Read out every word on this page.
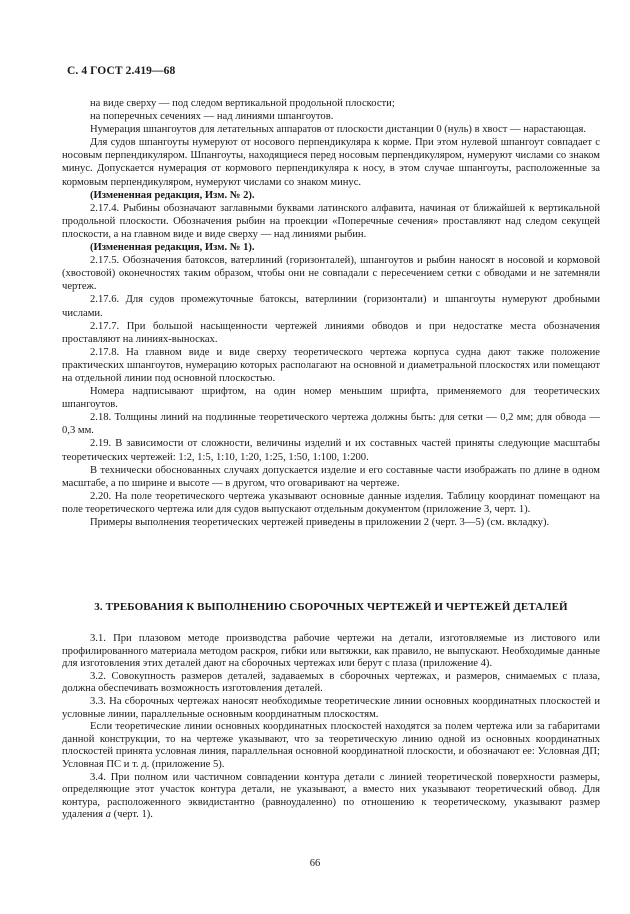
С. 4 ГОСТ 2.419—68

на виде сверху — под следом вертикальной продольной плоскости;

на поперечных сечениях — над линиями шпангоутов.

Нумерация шпангоутов для летательных аппаратов от плоскости дистанции 0 (нуль) в хвост — нарастающая.

Для судов шпангоуты нумеруют от носового перпендикуляра к корме. При этом нулевой шпангоут совпадает с носовым перпендикуляром. Шпангоуты, находящиеся перед носовым перпендикуляром, нумеруют числами со знаком минус. Допускается нумерация от кормового перпендикуляра к носу, в этом случае шпангоуты, расположенные за кормовым перпендикуляром, нумеруют числами со знаком минус.

(Измененная редакция, Изм. № 2).

2.17.4. Рыбины обозначают заглавными буквами латинского алфавита, начиная от ближайшей к вертикальной продольной плоскости. Обозначения рыбин на проекции «Поперечные сечения» проставляют над следом секущей плоскости, а на главном виде и виде сверху — над линиями рыбин.

(Измененная редакция, Изм. № 1).

2.17.5. Обозначения батоксов, ватерлиний (горизонталей), шпангоутов и рыбин наносят в носовой и кормовой (хвостовой) оконечностях таким образом, чтобы они не совпадали с пересечением сетки с обводами и не затемняли чертеж.

2.17.6. Для судов промежуточные батоксы, ватерлинии (горизонтали) и шпангоуты нумеруют дробными числами.

2.17.7. При большой насыщенности чертежей линиями обводов и при недостатке места обозначения проставляют на линиях-выносках.

2.17.8. На главном виде и виде сверху теоретического чертежа корпуса судна дают также положение практических шпангоутов, нумерацию которых располагают на основной и диаметральной плоскостях или помещают на отдельной линии под основной плоскостью.

Номера надписывают шрифтом, на один номер меньшим шрифта, применяемого для теоретических шпангоутов.

2.18. Толщины линий на подлинные теоретического чертежа должны быть: для сетки — 0,2 мм; для обвода — 0,3 мм.

2.19. В зависимости от сложности, величины изделий и их составных частей приняты следующие масштабы теоретических чертежей: 1:2, 1:5, 1:10, 1:20, 1:25, 1:50, 1:100, 1:200.

В технически обоснованных случаях допускается изделие и его составные части изображать по длине в одном масштабе, а по ширине и высоте — в другом, что оговаривают на чертеже.

2.20. На поле теоретического чертежа указывают основные данные изделия. Таблицу координат помещают на поле теоретического чертежа или для судов выпускают отдельным документом (приложение 3, черт. 1).

Примеры выполнения теоретических чертежей приведены в приложении 2 (черт. 3—5) (см. вкладку).

3. ТРЕБОВАНИЯ К ВЫПОЛНЕНИЮ СБОРОЧНЫХ ЧЕРТЕЖЕЙ И ЧЕРТЕЖЕЙ ДЕТАЛЕЙ

3.1. При плазовом методе производства рабочие чертежи на детали, изготовляемые из листового или профилированного материала методом раскроя, гибки или вытяжки, как правило, не выпускают. Необходимые данные для изготовления этих деталей дают на сборочных чертежах или берут с плаза (приложение 4).

3.2. Совокупность размеров деталей, задаваемых в сборочных чертежах, и размеров, снимаемых с плаза, должна обеспечивать возможность изготовления деталей.

3.3. На сборочных чертежах наносят необходимые теоретические линии основных координатных плоскостей и условные линии, параллельные основным координатным плоскостям.

Если теоретические линии основных координатных плоскостей находятся за полем чертежа или за габаритами данной конструкции, то на чертеже указывают, что за теоретическую линию одной из основных координатных плоскостей принята условная линия, параллельная основной координатной плоскости, и обозначают ее: Условная ДП; Условная ПС и т. д. (приложение 5).

3.4. При полном или частичном совпадении контура детали с линией теоретической поверхности размеры, определяющие этот участок контура детали, не указывают, а вместо них указывают теоретический обвод. Для контура, расположенного эквидистантно (равноудаленно) по отношению к теоретическому, указывают размер удаления a (черт. 1).

66
